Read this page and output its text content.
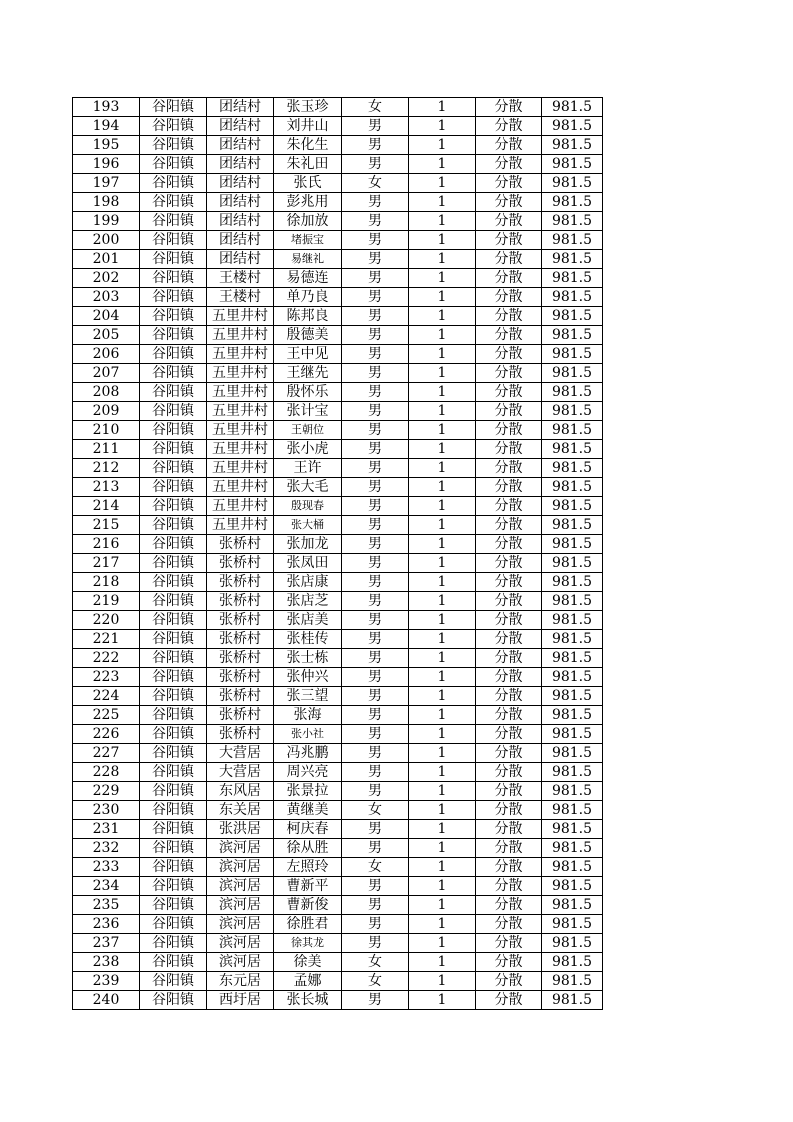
193	谷阳镇	团结村	张玉珍	女	1	分散	981.5
194	谷阳镇	团结村	刘井山	男	1	分散	981.5
195	谷阳镇	团结村	朱化生	男	1	分散	981.5
196	谷阳镇	团结村	朱礼田	男	1	分散	981.5
197	谷阳镇	团结村	张氏	女	1	分散	981.5
198	谷阳镇	团结村	彭兆用	男	1	分散	981.5
199	谷阳镇	团结村	徐加放	男	1	分散	981.5
200	谷阳镇	团结村	堵振宝	男	1	分散	981.5
201	谷阳镇	团结村	易继礼	男	1	分散	981.5
202	谷阳镇	王楼村	易德连	男	1	分散	981.5
203	谷阳镇	王楼村	单乃良	男	1	分散	981.5
204	谷阳镇	五里井村	陈邦良	男	1	分散	981.5
205	谷阳镇	五里井村	殷德美	男	1	分散	981.5
206	谷阳镇	五里井村	王中见	男	1	分散	981.5
207	谷阳镇	五里井村	王继先	男	1	分散	981.5
208	谷阳镇	五里井村	殷怀乐	男	1	分散	981.5
209	谷阳镇	五里井村	张计宝	男	1	分散	981.5
210	谷阳镇	五里井村	王朝位	男	1	分散	981.5
211	谷阳镇	五里井村	张小虎	男	1	分散	981.5
212	谷阳镇	五里井村	王许	男	1	分散	981.5
213	谷阳镇	五里井村	张大毛	男	1	分散	981.5
214	谷阳镇	五里井村	殷现春	男	1	分散	981.5
215	谷阳镇	五里井村	张大桶	男	1	分散	981.5
216	谷阳镇	张桥村	张加龙	男	1	分散	981.5
217	谷阳镇	张桥村	张凤田	男	1	分散	981.5
218	谷阳镇	张桥村	张店康	男	1	分散	981.5
219	谷阳镇	张桥村	张店芝	男	1	分散	981.5
220	谷阳镇	张桥村	张店美	男	1	分散	981.5
221	谷阳镇	张桥村	张桂传	男	1	分散	981.5
222	谷阳镇	张桥村	张士栋	男	1	分散	981.5
223	谷阳镇	张桥村	张仲兴	男	1	分散	981.5
224	谷阳镇	张桥村	张三望	男	1	分散	981.5
225	谷阳镇	张桥村	张海	男	1	分散	981.5
226	谷阳镇	张桥村	张小社	男	1	分散	981.5
227	谷阳镇	大营居	冯兆鹏	男	1	分散	981.5
228	谷阳镇	大营居	周兴亮	男	1	分散	981.5
229	谷阳镇	东风居	张景拉	男	1	分散	981.5
230	谷阳镇	东关居	黄继美	女	1	分散	981.5
231	谷阳镇	张洪居	柯庆春	男	1	分散	981.5
232	谷阳镇	滨河居	徐从胜	男	1	分散	981.5
233	谷阳镇	滨河居	左照玲	女	1	分散	981.5
234	谷阳镇	滨河居	曹新平	男	1	分散	981.5
235	谷阳镇	滨河居	曹新俊	男	1	分散	981.5
236	谷阳镇	滨河居	徐胜君	男	1	分散	981.5
237	谷阳镇	滨河居	徐其龙	男	1	分散	981.5
238	谷阳镇	滨河居	徐美	女	1	分散	981.5
239	谷阳镇	东元居	孟娜	女	1	分散	981.5
240	谷阳镇	西圩居	张长城	男	1	分散	981.5
